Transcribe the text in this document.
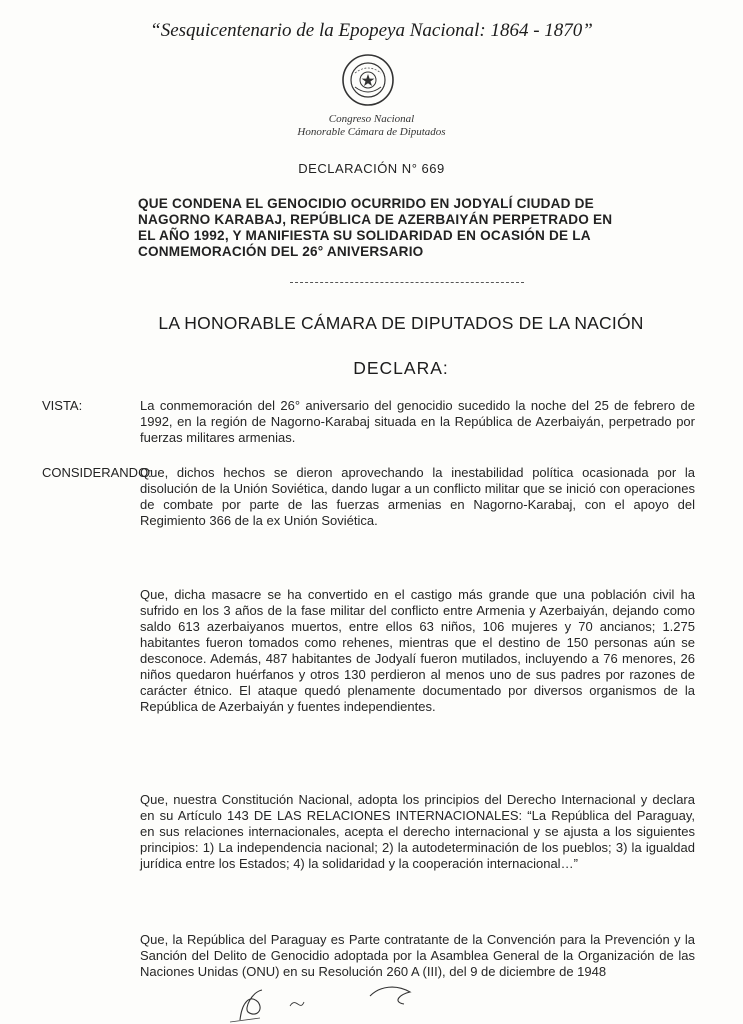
“Sesquicentenario de la Epopeya Nacional: 1864 - 1870”
Congreso Nacional
Honorable Cámara de Diputados
DECLARACIÓN N° 669
QUE CONDENA EL GENOCIDIO OCURRIDO EN JODYALÍ CIUDAD DE
NAGORNO KARABAJ, REPÚBLICA DE AZERBAIYÁN PERPETRADO EN
EL AÑO 1992, Y MANIFIESTA SU SOLIDARIDAD EN OCASIÓN DE LA
CONMEMORACIÓN DEL 26° ANIVERSARIO
LA HONORABLE CÁMARA DE DIPUTADOS DE LA NACIÓN
DECLARA:
VISTA:	La conmemoración del 26° aniversario del genocidio sucedido la noche del 25 de febrero de 1992, en la región de Nagorno-Karabaj situada en la República de Azerbaiyán, perpetrado por fuerzas militares armenias.
CONSIDERANDO:
Que, dichos hechos se dieron aprovechando la inestabilidad política ocasionada por la disolución de la Unión Soviética, dando lugar a un conflicto militar que se inició con operaciones de combate por parte de las fuerzas armenias en Nagorno-Karabaj, con el apoyo del Regimiento 366 de la ex Unión Soviética.
Que, dicha masacre se ha convertido en el castigo más grande que una población civil ha sufrido en los 3 años de la fase militar del conflicto entre Armenia y Azerbaiyán, dejando como saldo 613 azerbaiyanos muertos, entre ellos 63 niños, 106 mujeres y 70 ancianos; 1.275 habitantes fueron tomados como rehenes, mientras que el destino de 150 personas aún se desconoce. Además, 487 habitantes de Jodyalí fueron mutilados, incluyendo a 76 menores, 26 niños quedaron huérfanos y otros 130 perdieron al menos uno de sus padres por razones de carácter étnico. El ataque quedó plenamente documentado por diversos organismos de la República de Azerbaiyán y fuentes independientes.
Que, nuestra Constitución Nacional, adopta los principios del Derecho Internacional y declara en su Artículo 143 DE LAS RELACIONES INTERNACIONALES: “La República del Paraguay, en sus relaciones internacionales, acepta el derecho internacional y se ajusta a los siguientes principios: 1) La independencia nacional; 2) la autodeterminación de los pueblos; 3) la igualdad jurídica entre los Estados; 4) la solidaridad y la cooperación internacional…”
Que, la República del Paraguay es Parte contratante de la Convención para la Prevención y la Sanción del Delito de Genocidio adoptada por la Asamblea General de la Organización de las Naciones Unidas (ONU) en su Resolución 260 A (III), del 9 de diciembre de 1948
